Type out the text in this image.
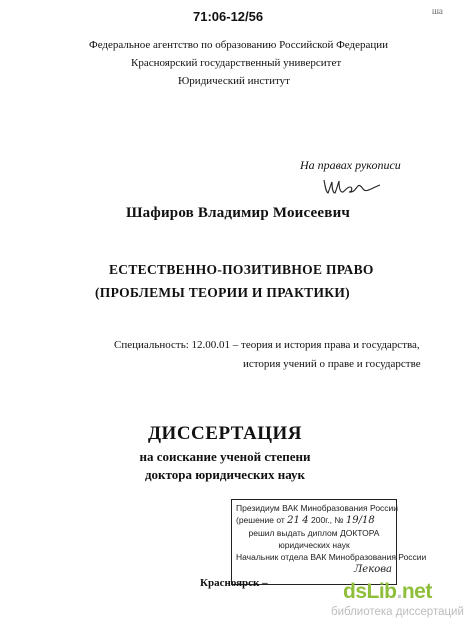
71:06-12/56	ша
Федеральное агентство по образованию Российской Федерации
Красноярский государственный университет
Юридический институт
На правах рукописи
Шафиров Владимир Моисеевич
ЕСТЕСТВЕННО-ПОЗИТИВНОЕ ПРАВО
(ПРОБЛЕМЫ ТЕОРИИ И ПРАКТИКИ)
Специальность: 12.00.01 – теория и история права и государства,
история учений о праве и государстве
ДИССЕРТАЦИЯ
на соискание ученой степени
доктора юридических наук
Президиум ВАК Минобразования России
(решение от 21 4 200г., № 19/18
решил выдать диплом ДОКТОРА
юридических наук
Начальник отдела ВАК Минобразования России
Лекова
Красноярск –	dsLib.net
библиотека диссертаций
